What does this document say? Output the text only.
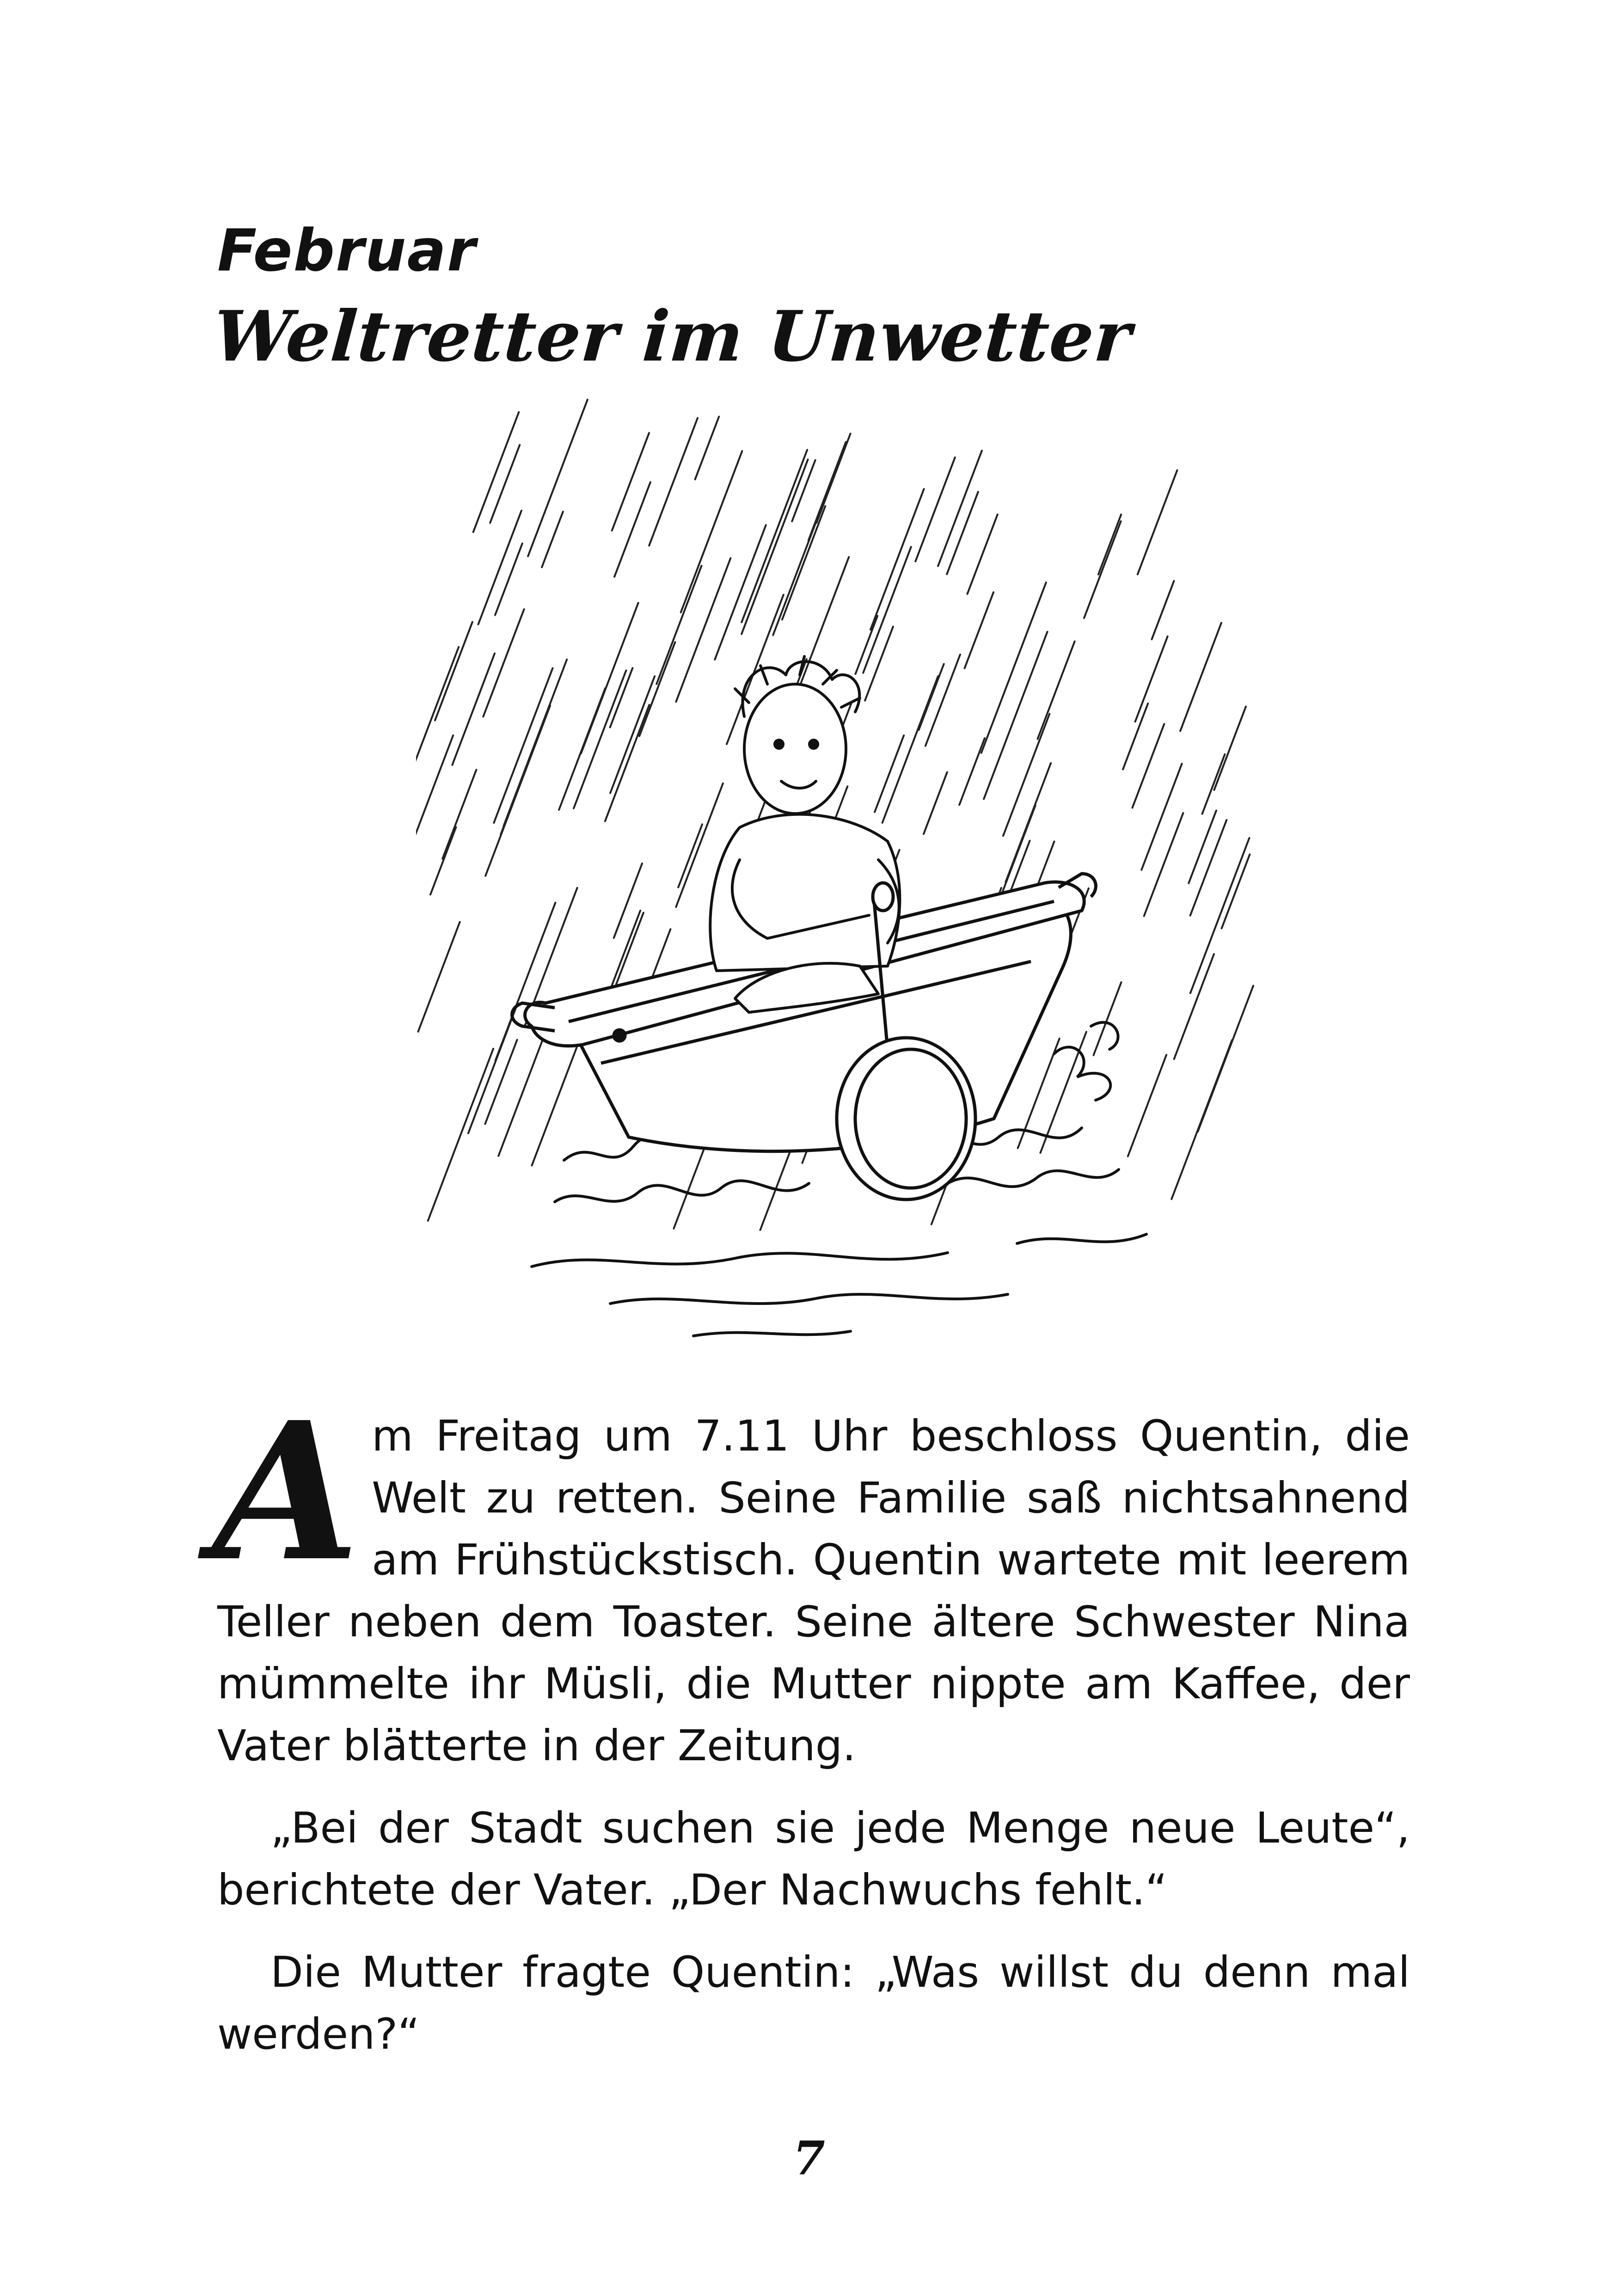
Februar
Weltretter im Unwetter

A m Freitag um 7.11 Uhr beschloss Quentin, die Welt zu retten. Seine Familie saß nichtsahnend am Frühstückstisch. Quentin wartete mit leerem Teller neben dem Toaster. Seine ältere Schwester Nina mümmelte ihr Müsli, die Mutter nippte am Kaffee, der Vater blätterte in der Zeitung.

„Bei der Stadt suchen sie jede Menge neue Leute“, berichtete der Vater. „Der Nachwuchs fehlt.“

Die Mutter fragte Quentin: „Was willst du denn mal werden?“

7
